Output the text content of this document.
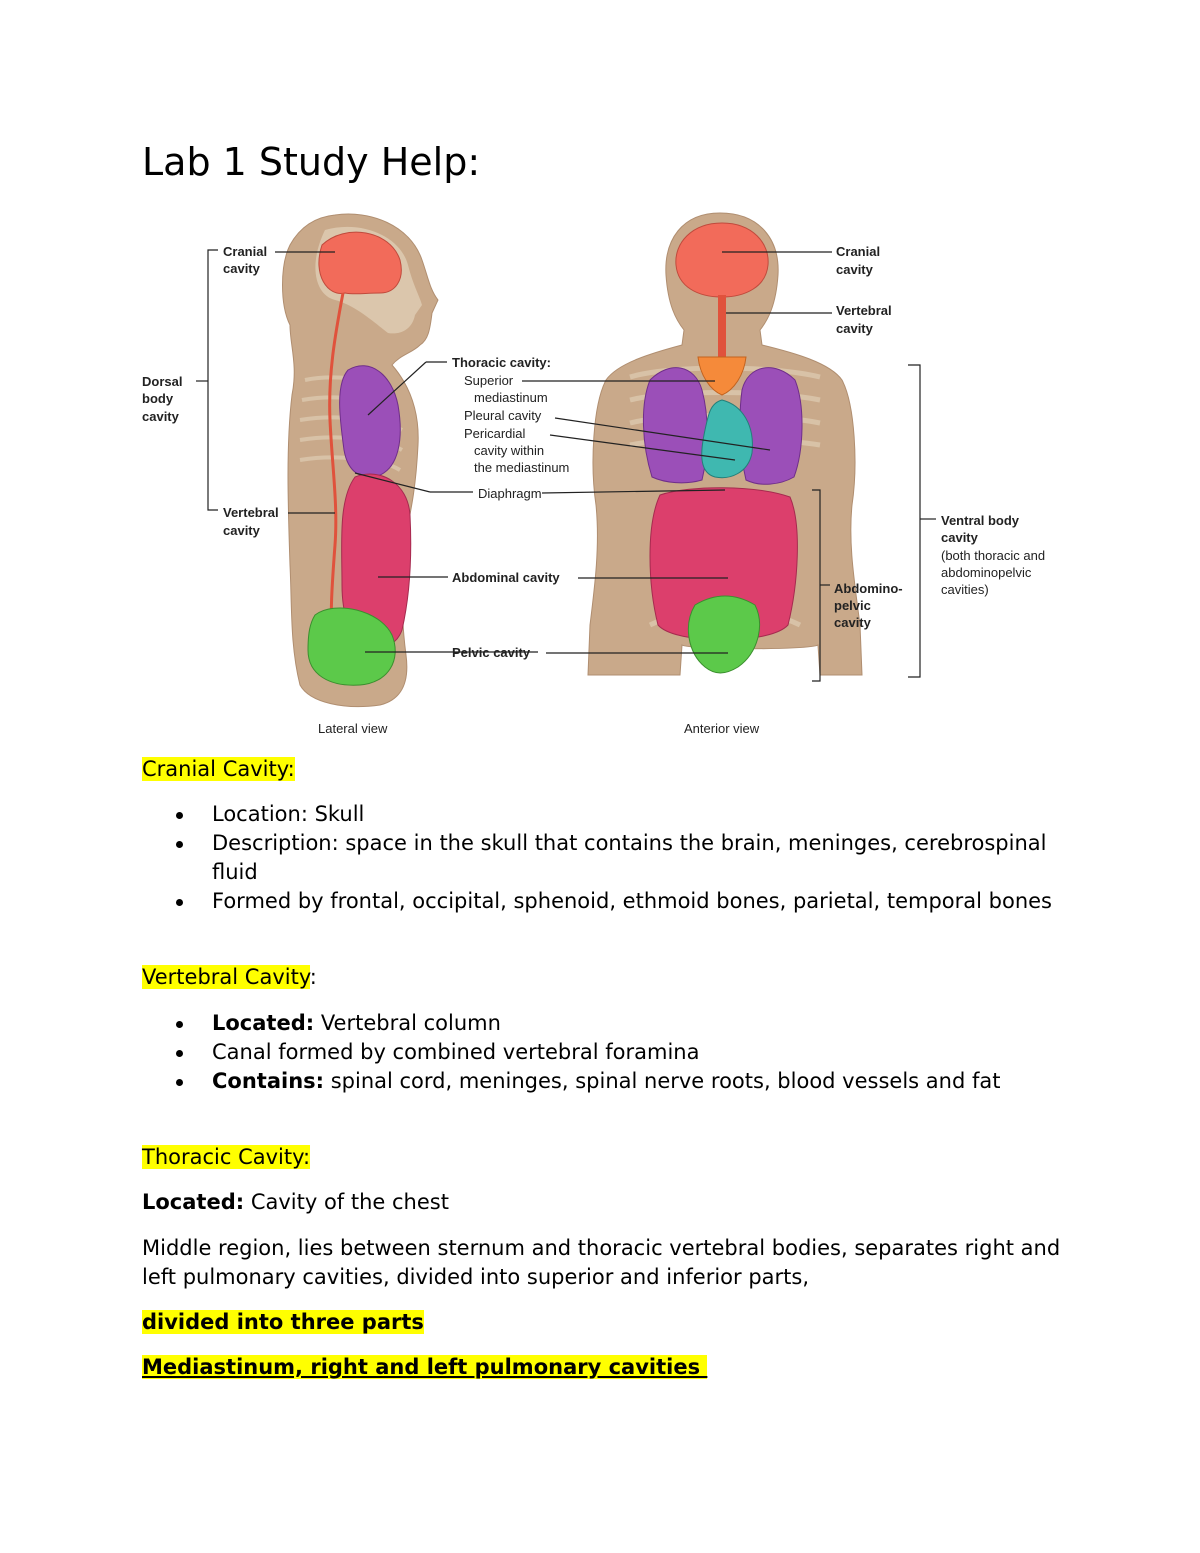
Lab 1 Study Help:
Cranial cavity
Dorsal body cavity
Vertebral cavity
Thoracic cavity:
Abdominal cavity
Pelvic cavity
Superior mediastinum
Pleural cavity
Pericardial cavity within the mediastinum
Diaphragm
Lateral view
Cranial cavity
Vertebral cavity
Ventral body cavity
Abdomino-pelvic cavity
(both thoracic and abdominopelvic cavities)
Anterior view

Cranial Cavity:

Location: Skull
Description: space in the skull that contains the brain, meninges, cerebrospinal fluid
Formed by frontal, occipital, sphenoid, ethmoid bones, parietal, temporal bones

Vertebral Cavity:

Located: Vertebral column
Canal formed by combined vertebral foramina
Contains: spinal cord, meninges, spinal nerve roots, blood vessels and fat

Thoracic Cavity:

Located: Cavity of the chest

Middle region, lies between sternum and thoracic vertebral bodies, separates right and left pulmonary cavities, divided into superior and inferior parts,

divided into three parts

Mediastinum, right and left pulmonary cavities
